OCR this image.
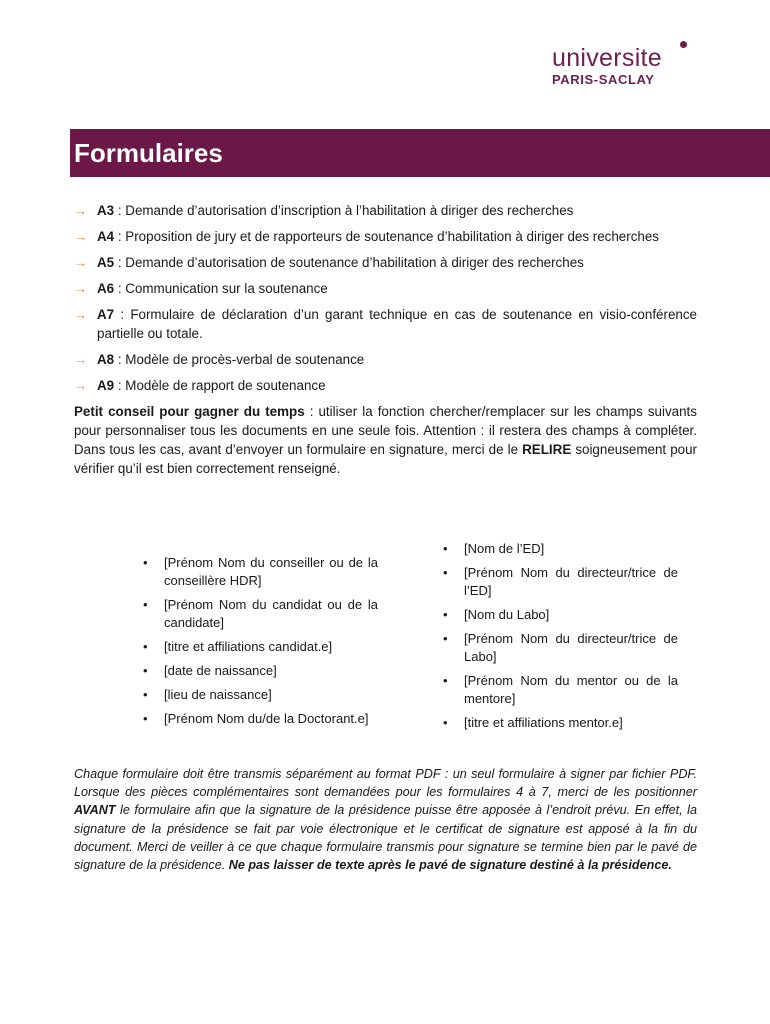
universite
PARIS-SACLAY
Formulaires
→ A3 : Demande d’autorisation d’inscription à l’habilitation à diriger des recherches
→ A4 : Proposition de jury et de rapporteurs de soutenance d’habilitation à diriger des recherches
→ A5 : Demande d’autorisation de soutenance d’habilitation à diriger des recherches
→ A6 : Communication sur la soutenance
→ A7 : Formulaire de déclaration d’un garant technique en cas de soutenance en visio-conférence partielle ou totale.
→ A8 : Modèle de procès-verbal de soutenance
→ A9 : Modèle de rapport de soutenance

Petit conseil pour gagner du temps : utiliser la fonction chercher/remplacer sur les champs suivants pour personnaliser tous les documents en une seule fois. Attention : il restera des champs à compléter. Dans tous les cas, avant d’envoyer un formulaire en signature, merci de le RELIRE soigneusement pour vérifier qu’il est bien correctement renseigné.

• [Prénom Nom du conseiller ou de la conseillère HDR]
• [Prénom Nom du candidat ou de la candidate]
• [titre et affiliations candidat.e]
• [date de naissance]
• [lieu de naissance]
• [Prénom Nom du/de la Doctorant.e]
• [Nom de l’ED]
• [Prénom Nom du directeur/trice de l’ED]
• [Nom du Labo]
• [Prénom Nom du directeur/trice de Labo]
• [Prénom Nom du mentor ou de la mentore]
• [titre et affiliations mentor.e]

Chaque formulaire doit être transmis séparément au format PDF : un seul formulaire à signer par fichier PDF. Lorsque des pièces complémentaires sont demandées pour les formulaires 4 à 7, merci de les positionner AVANT le formulaire afin que la signature de la présidence puisse être apposée à l’endroit prévu. En effet, la signature de la présidence se fait par voie électronique et le certificat de signature est apposé à la fin du document. Merci de veiller à ce que chaque formulaire transmis pour signature se termine bien par le pavé de signature de la présidence. Ne pas laisser de texte après le pavé de signature destiné à la présidence.
